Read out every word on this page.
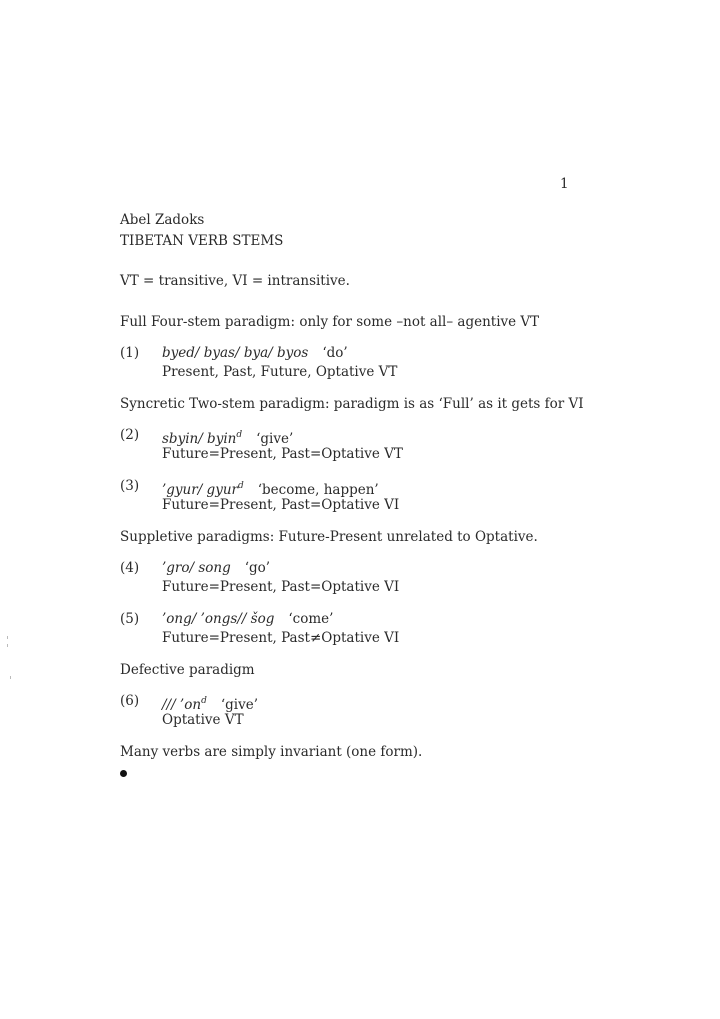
1
Abel Zadoks
TIBETAN VERB STEMS
VT = transitive, VI = intransitive.
Full Four-stem paradigm: only for some –not all– agentive VT
(1) byed/ byas/ bya/ byos ‘do’
Present, Past, Future, Optative VT
Syncretic Two-stem paradigm: paradigm is as ‘Full’ as it gets for VI
(2) sbyin/ byin$^d$ ‘give’
Future=Present, Past=Optative VT
(3) ’gyur/ gyur$^d$ ‘become, happen’
Future=Present, Past=Optative VI
Suppletive paradigms: Future-Present unrelated to Optative.
(4) ’gro/ song ‘go’
Future=Present, Past=Optative VI
(5) ’ong/ ’ongs// šog ‘come’
Future=Present, Past≠Optative VI
Defective paradigm
(6) /// $’on^d$ ‘give’
Optative VT
Many verbs are simply invariant (one form).
